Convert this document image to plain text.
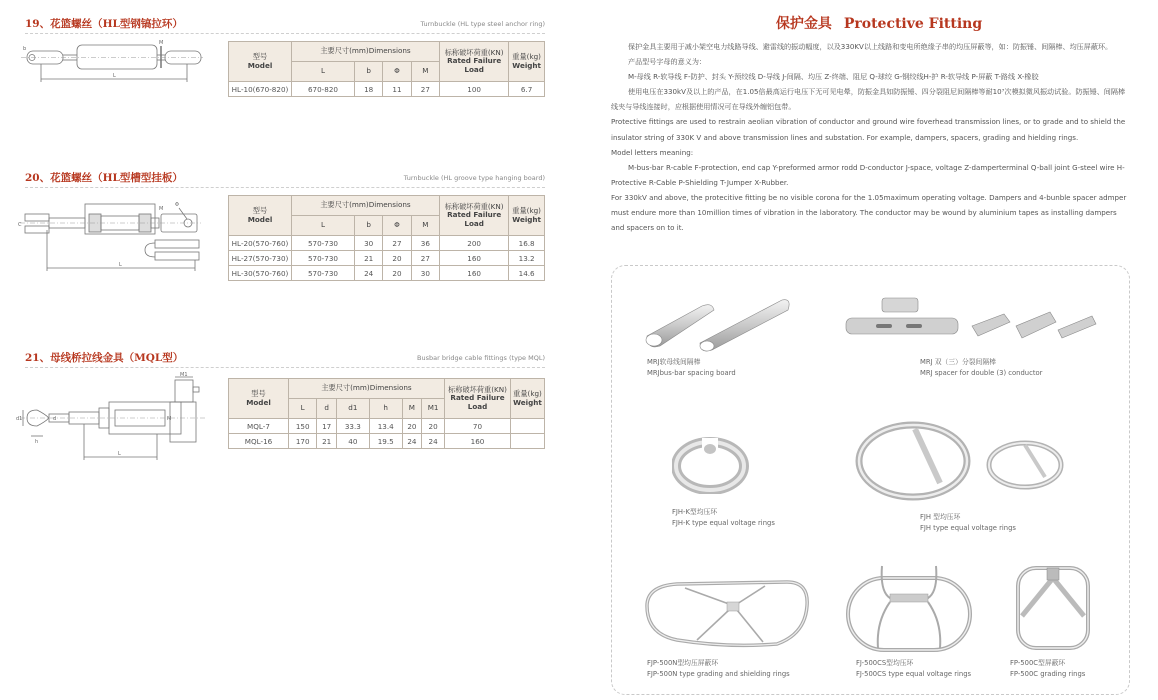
19、花篮螺丝（HL型钢镐拉环）	Turnbuckle (HL type steel anchor ring)
L
M
b
型号
Model	主要尺寸(mm)Dimensions				标称破坏荷重(KN)
Rated Failure Load	重量(kg)
Weight
	L	b	Φ	M		
HL-10(670-820)	670-820	18	11	27	100	6.7
20、花篮螺丝（HL型槽型挂板）	Turnbuckle (HL groove type hanging board)
L
M
Φ
C
型号
Model	主要尺寸(mm)Dimensions				标称破坏荷重(KN)
Rated Failure Load	重量(kg)
Weight
	L	b	Φ	M		
HL-20(570-760)	570-730	30	27	36	200	16.8
HL-27(570-730)	570-730	21	20	27	160	13.2
HL-30(570-760)	570-730	24	20	30	160	14.6
21、母线桥拉线金具（MQL型）	Busbar bridge cable fittings (type MQL)
L
M1
M
d1
h
d
型号
Model	主要尺寸(mm)Dimensions						标称破坏荷重(KN)
Rated Failure Load	重量(kg)
Weight
	L	d	d1	h	M	M1		
MQL-7	150	17	33.3	13.4	20	20	70	
MQL-16	170	21	40	19.5	24	24	160	
保护金具 Protective Fitting

保护金具主要用于减小架空电力线路导线、避雷线的振动幅度，以及330KV以上线路和变电所绝缘子串的均压屏蔽等，如：防振锤、间隔棒、均压屏蔽环。

产品型号字母的意义为：

M-母线 R-软导线 F-防护、封头 Y-预绞线 D-导线 J-间隔、均压 Z-终端、阻尼 Q-球绞 G-钢绞线H-护 R-软导线 P-屏蔽 T-路线 X-橡胶

使用电压在330kV及以上的产品，在1.05倍最高运行电压下无可见电晕，防振金具如防振锤、四分裂阻尼间隔棒等耐10⁷次模拟微风振动试验。防振锤、间隔棒线夹与导线连接时，应根据使用情况可在导线外缠铝包带。

Protective fittings are used to restrain aeolian vibration of conductor and ground wire foverhead transmission lines, or to grade and to shield the insulator string of 330K V and above transmission lines and substation. For example, dampers, spacers, grading and hielding rings.

Model letters meaning:

M-bus-bar R-cable F-protection, end cap Y-preformed armor rodd D-conductor J-space, voltage Z-damperterminal Q-ball joint G-steel wire H-Protective R-Cable P-Shielding T-Jumper X-Rubber.

For 330kV and above, the protecitive fitting be no visible corona for the 1.05maximum operating voltage. Dampers and 4-bunble spacer admper must endure more than 10million times of vibration in the laboratory. The conductor may be wound by aluminium tapes as installing dampers and spacers on to it.

MRJ软母线间隔棒
MRJbus-bar spacing board
MRJ 双（三）分裂间隔棒
MRJ spacer for double (3) conductor
FJH-K型均压环
FJH-K type equal voltage rings
FJH 型均压环
FJH type equal voltage rings
FJP-500N型均压屏蔽环
FJP-500N type grading and shielding rings
FJ-500CS型均压环
FJ-500CS type equal voltage rings
FP-500C型屏蔽环
FP-500C grading rings
